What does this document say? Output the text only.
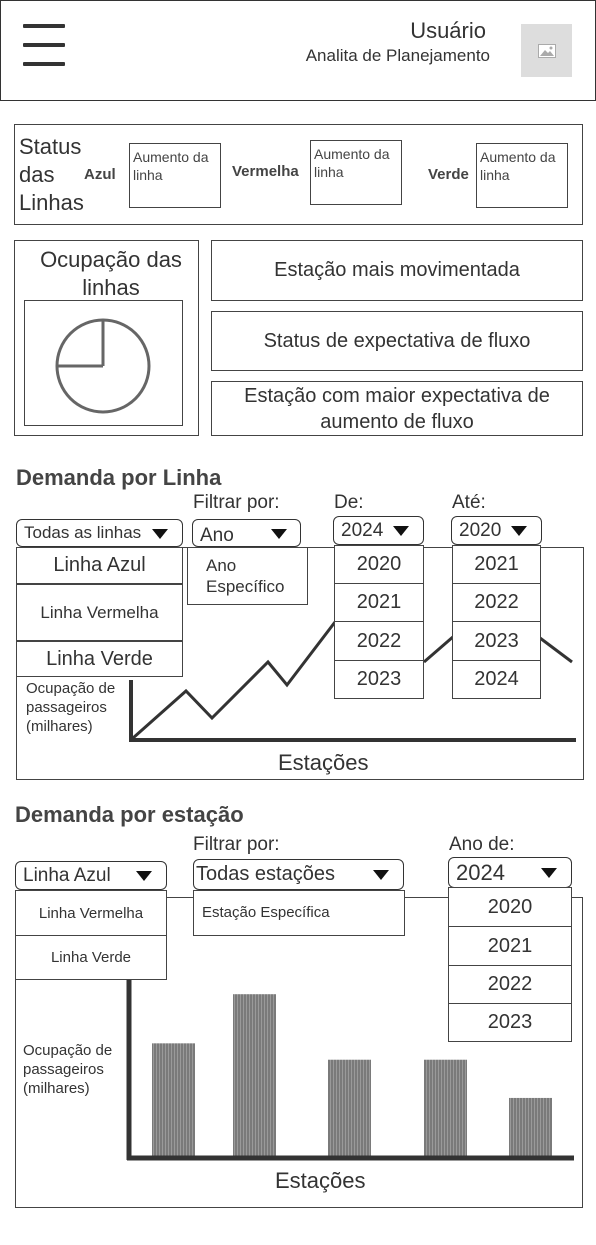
Usuário
Analita de Planejamento
Status das Linhas
Azul
Aumento da linha	Vermelha
Aumento da linha	Verde
Aumento da linha
Ocupação das linhas
Estação mais movimentada
Status de expectativa de fluxo
Estação com maior expectativa de aumento de fluxo
Demanda por Linha
Filtrar por:	De:	Até:
Ocupação de passageiros (milhares)
Estações
Todas as linhas
Linha Azul
Linha Vermelha
Linha Verde
Ano
Ano Específico
2024
2020
2021
2022
2023
2020
2021
2022
2023
2024
Demanda por estação
Filtrar por:	Ano de:
Ocupação de passageiros (milhares)
Estações
Linha Azul
Linha Vermelha
Linha Verde
Todas estações
Estação Específica
2024
2020
2021
2022
2023
